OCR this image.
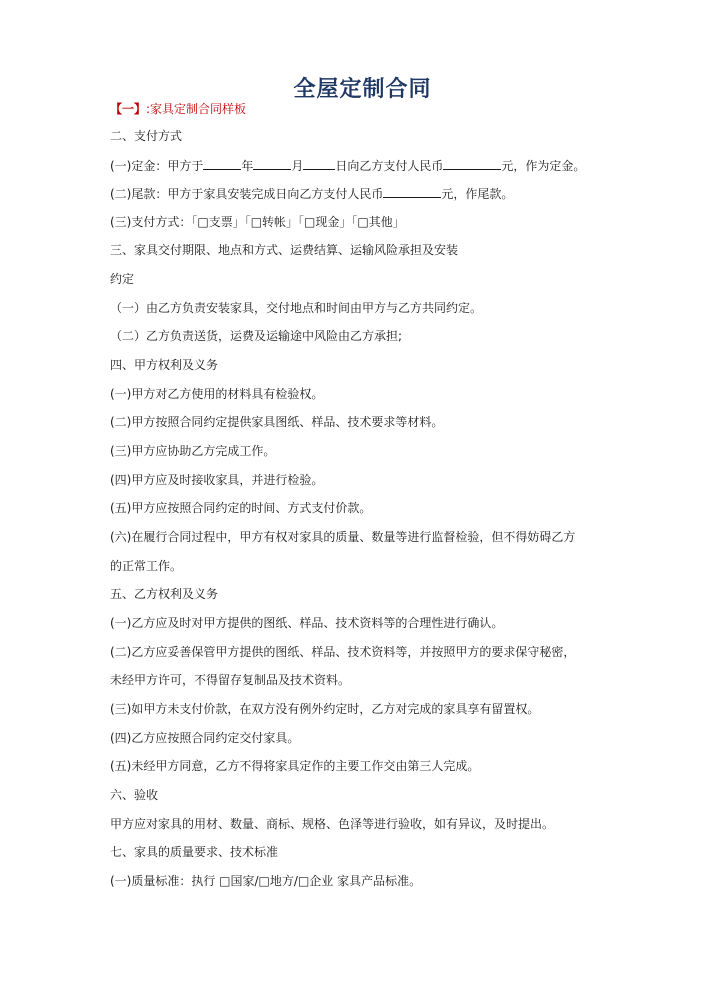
全屋定制合同
【一】:家具定制合同样板
二、支付方式
(一)定金：甲方于	年	月	日向乙方支付人民币	元，作为定金。
(二)尾款：甲方于家具安装完成日向乙方支付人民币	元，作尾款。
(三)支付方式：「□支票」「□转帐」「□现金」「□其他」
三、家具交付期限、地点和方式、运费结算、运输风险承担及安装
约定
（一）由乙方负责安装家具，交付地点和时间由甲方与乙方共同约定。
（二）乙方负责送货，运费及运输途中风险由乙方承担;
四、甲方权利及义务
(一)甲方对乙方使用的材料具有检验权。
(二)甲方按照合同约定提供家具图纸、样品、技术要求等材料。
(三)甲方应协助乙方完成工作。
(四)甲方应及时接收家具，并进行检验。
(五)甲方应按照合同约定的时间、方式支付价款。
(六)在履行合同过程中，甲方有权对家具的质量、数量等进行监督检验，但不得妨碍乙方
的正常工作。
五、乙方权利及义务
(一)乙方应及时对甲方提供的图纸、样品、技术资料等的合理性进行确认。
(二)乙方应妥善保管甲方提供的图纸、样品、技术资料等，并按照甲方的要求保守秘密，
未经甲方许可，不得留存复制品及技术资料。
(三)如甲方未支付价款，在双方没有例外约定时，乙方对完成的家具享有留置权。
(四)乙方应按照合同约定交付家具。
(五)未经甲方同意，乙方不得将家具定作的主要工作交由第三人完成。
六、验收
甲方应对家具的用材、数量、商标、规格、色泽等进行验收，如有异议，及时提出。
七、家具的质量要求、技术标准
(一)质量标准：执行 □国家/□地方/□企业 家具产品标准。
